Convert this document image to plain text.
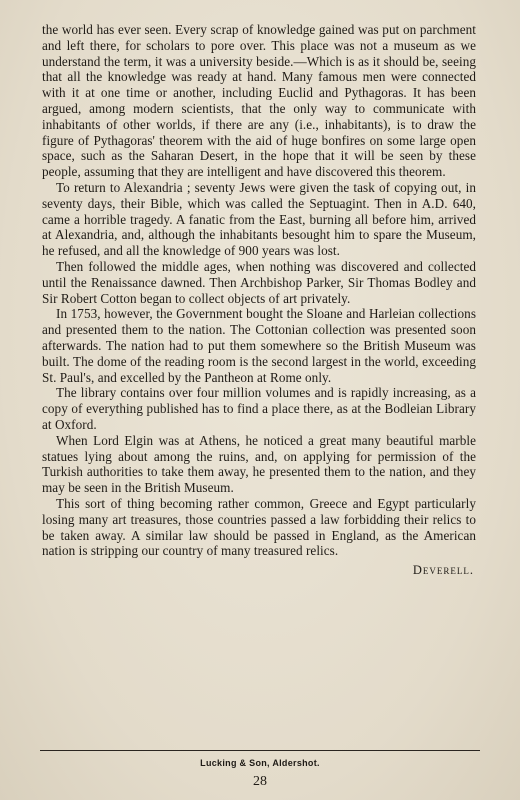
the world has ever seen. Every scrap of knowledge gained was put on parchment and left there, for scholars to pore over. This place was not a museum as we understand the term, it was a university beside.—Which is as it should be, seeing that all the knowledge was ready at hand. Many famous men were connected with it at one time or another, including Euclid and Pythagoras. It has been argued, among modern scientists, that the only way to communicate with inhabitants of other worlds, if there are any (i.e., inhabitants), is to draw the figure of Pythagoras' theorem with the aid of huge bonfires on some large open space, such as the Saharan Desert, in the hope that it will be seen by these people, assuming that they are intelligent and have discovered this theorem.

To return to Alexandria ; seventy Jews were given the task of copying out, in seventy days, their Bible, which was called the Septuagint. Then in A.D. 640, came a horrible tragedy. A fanatic from the East, burning all before him, arrived at Alexandria, and, although the inhabitants besought him to spare the Museum, he refused, and all the knowledge of 900 years was lost.

Then followed the middle ages, when nothing was discovered and collected until the Renaissance dawned. Then Archbishop Parker, Sir Thomas Bodley and Sir Robert Cotton began to collect objects of art privately.

In 1753, however, the Government bought the Sloane and Harleian collections and presented them to the nation. The Cottonian collection was presented soon afterwards. The nation had to put them somewhere so the British Museum was built. The dome of the reading room is the second largest in the world, exceeding St. Paul's, and excelled by the Pantheon at Rome only.

The library contains over four million volumes and is rapidly increasing, as a copy of everything published has to find a place there, as at the Bodleian Library at Oxford.

When Lord Elgin was at Athens, he noticed a great many beautiful marble statues lying about among the ruins, and, on applying for permission of the Turkish authorities to take them away, he presented them to the nation, and they may be seen in the British Museum.

This sort of thing becoming rather common, Greece and Egypt particularly losing many art treasures, those countries passed a law forbidding their relics to be taken away. A similar law should be passed in England, as the American nation is stripping our country of many treasured relics.

Deverell.
Lucking & Son, Aldershot.
28
